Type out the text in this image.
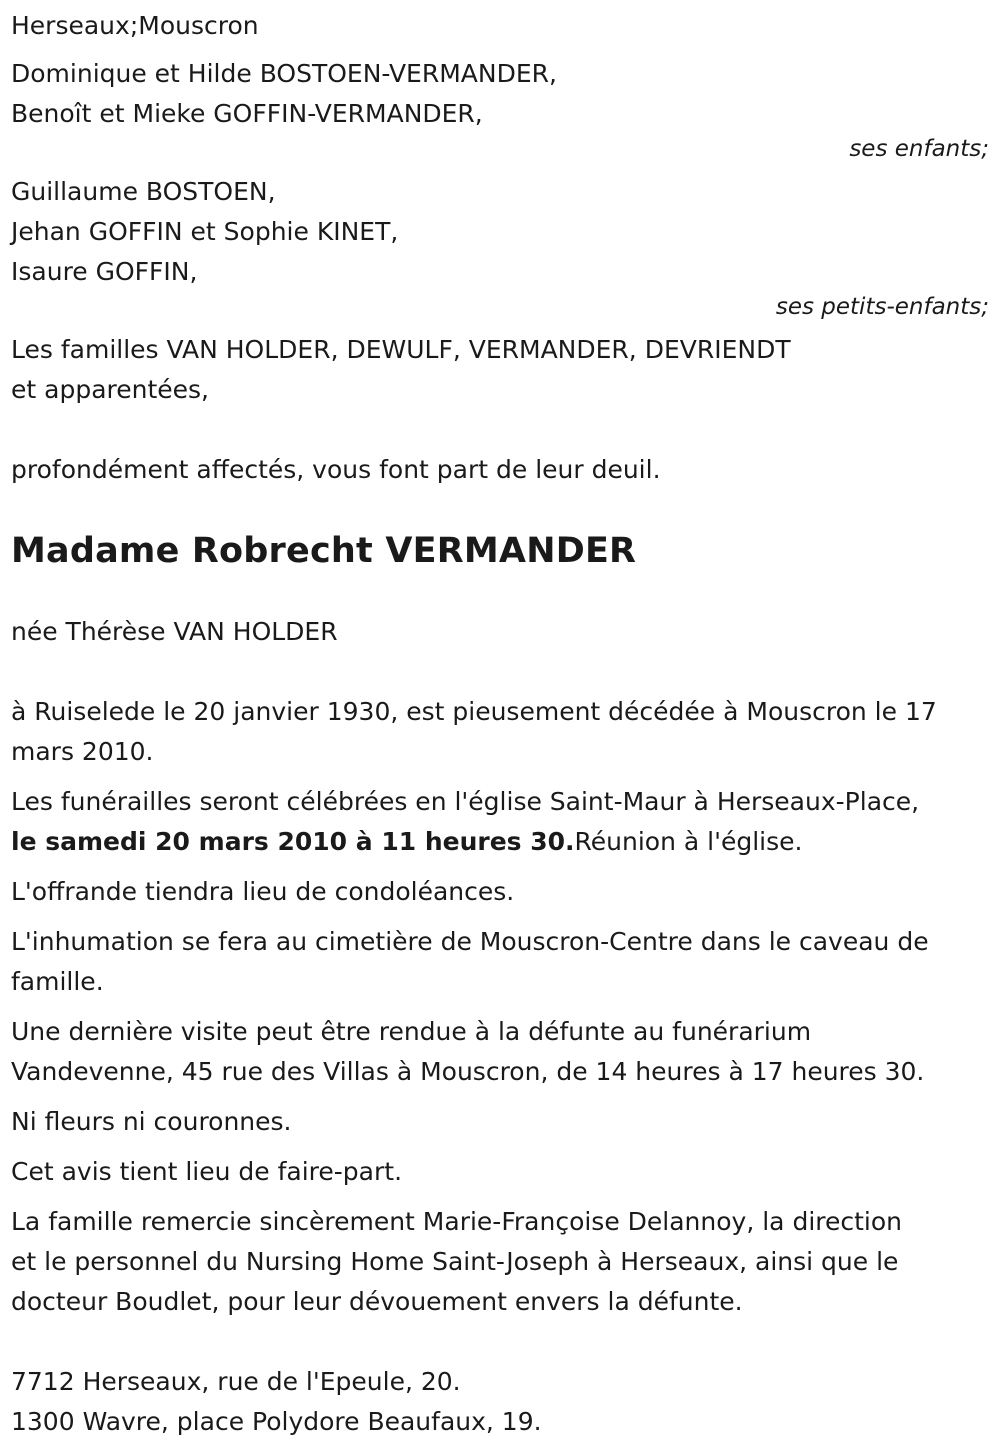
Herseaux;Mouscron

Dominique et Hilde BOSTOEN-VERMANDER,

Benoît et Mieke GOFFIN-VERMANDER,

ses enfants;

Guillaume BOSTOEN,

Jehan GOFFIN et Sophie KINET,

Isaure GOFFIN,

ses petits-enfants;

Les familles VAN HOLDER, DEWULF, VERMANDER, DEVRIENDT

et apparentées,

profondément affectés, vous font part de leur deuil.

Madame Robrecht VERMANDER

née Thérèse VAN HOLDER

à Ruiselede le 20 janvier 1930, est pieusement décédée à Mouscron le 17

mars 2010.

Les funérailles seront célébrées en l'église Saint-Maur à Herseaux-Place,

le samedi 20 mars 2010 à 11 heures 30.Réunion à l'église.

L'offrande tiendra lieu de condoléances.

L'inhumation se fera au cimetière de Mouscron-Centre dans le caveau de

famille.

Une dernière visite peut être rendue à la défunte au funérarium

Vandevenne, 45 rue des Villas à Mouscron, de 14 heures à 17 heures 30.

Ni fleurs ni couronnes.

Cet avis tient lieu de faire-part.

La famille remercie sincèrement Marie-Françoise Delannoy, la direction

et le personnel du Nursing Home Saint-Joseph à Herseaux, ainsi que le

docteur Boudlet, pour leur dévouement envers la défunte.

7712 Herseaux, rue de l'Epeule, 20.

1300 Wavre, place Polydore Beaufaux, 19.
